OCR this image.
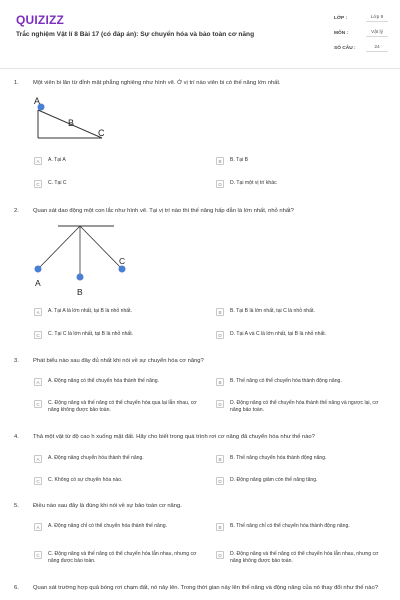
QUIZIZZ
Trắc nghiệm Vật lí 8 Bài 17 (có đáp án): Sự chuyển hóa và bảo toàn cơ năng
LỚP :	Lớp 8
MÔN :	Vật lý
SỐ CÂU :	24
1. Một viên bi lăn từ đỉnh mặt phẳng nghiêng như hình vẽ. Ở vị trí nào viên bi có thế năng lớn nhất.
A
B
C
A	A. Tại A	B	B. Tại B
C	C. Tại C	D	D. Tại một vị trí khác
2. Quan sát dao động một con lắc như hình vẽ. Tại vị trí nào thì thế năng hấp dẫn là lớn nhất, nhỏ nhất?
A
B
C
A	A. Tại A là lớn nhất, tại B là nhỏ nhất.	B	B. Tại B là lớn nhất, tại C là nhỏ nhất.
C	C. Tại C là lớn nhất, tại B là nhỏ nhất.	D	D. Tại A và C là lớn nhất, tại B là nhỏ nhất.
3. Phát biểu nào sau đây đủ nhất khi nói về sự chuyển hóa cơ năng?
A	A. Động năng có thể chuyển hóa thành thế năng.	B	B. Thế năng có thể chuyển hóa thành động năng.
C	C. Động năng và thế năng có thể chuyển hóa qua lại lẫn nhau, cơ năng không được bảo toàn.
D	D. Động năng có thể chuyển hóa thành thế năng và ngược lại, cơ năng bảo toàn.
4. Thả một vật từ độ cao h xuống mặt đất. Hãy cho biết trong quá trình rơi cơ năng đã chuyển hóa như thế nào?
A	A. Động năng chuyển hóa thành thế năng.	B	B. Thế năng chuyển hóa thành động năng.
C	C. Không có sự chuyển hóa nào.	D	D. Động năng giảm còn thế năng tăng.
5. Điều nào sau đây là đúng khi nói về sự bảo toàn cơ năng.
A	A. Động năng chỉ có thể chuyển hóa thành thế năng.	B	B. Thế năng chỉ có thể chuyển hóa thành động năng.
C	C. Động năng và thế năng có thể chuyển hóa lẫn nhau, nhưng cơ năng được bảo toàn.
D	D. Động năng và thế năng có thể chuyển hóa lẫn nhau, nhưng cơ năng không được bảo toàn.
6. Quan sát trường hợp quả bóng rơi chạm đất, nó nảy lên. Trong thời gian nảy lên thế năng và động năng của nó thay đổi như thế nào?
